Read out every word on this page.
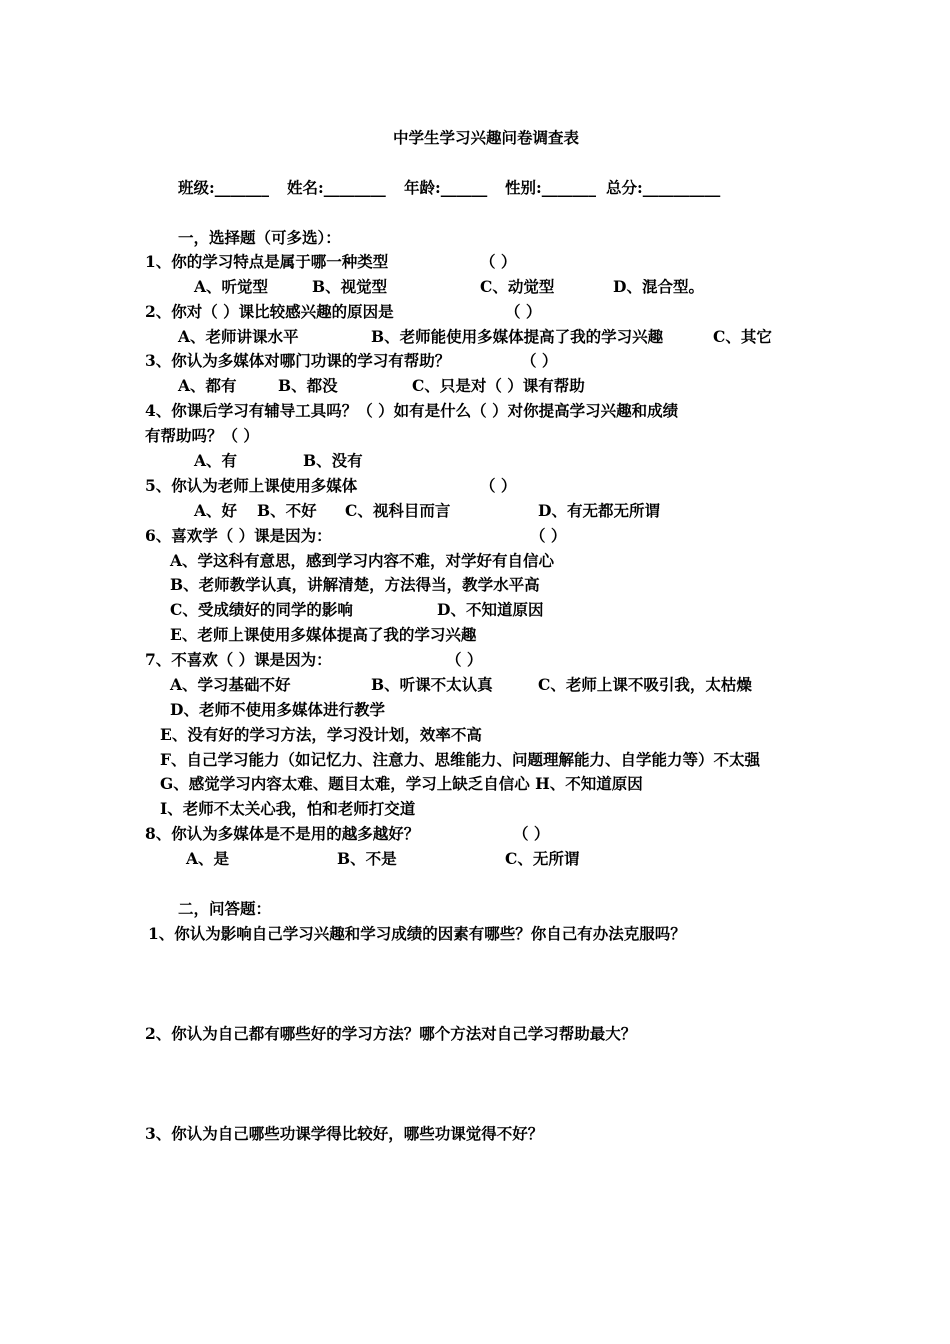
中学生学习兴趣问卷调查表

班级:_______ 姓名:________ 年龄:______ 性别:_______ 总分:__________

一，选择题（可多选）：

1、你的学习特点是属于哪一种类型	（ ）

A、听觉型	B、视觉型	C、动觉型	D、混合型。

2、你对（ ）课比较感兴趣的原因是	（ ）

A、老师讲课水平	B、老师能使用多媒体提高了我的学习兴趣	C、其它

3、你认为多媒体对哪门功课的学习有帮助？	（ ）

A、都有	B、都没	C、只是对（ ）课有帮助

4、你课后学习有辅导工具吗？（ ）如有是什么（ ）对你提高学习兴趣和成绩

有帮助吗？（ ）

A、有	B、没有

5、你认为老师上课使用多媒体	（ ）

A、好 B、不好 C、视科目而言	D、有无都无所谓

6、喜欢学（ ）课是因为：	（ ）

A、学这科有意思，感到学习内容不难，对学好有自信心

B、老师教学认真，讲解清楚，方法得当，教学水平高

C、受成绩好的同学的影响	D、不知道原因

E、老师上课使用多媒体提高了我的学习兴趣

7、不喜欢（ ）课是因为：	（ ）

A、学习基础不好	B、听课不太认真	C、老师上课不吸引我，太枯燥

D、老师不使用多媒体进行教学

E、没有好的学习方法，学习没计划，效率不高

F、自己学习能力（如记忆力、注意力、思维能力、问题理解能力、自学能力等）不太强

G、感觉学习内容太难、题目太难，学习上缺乏自信心 H、不知道原因

I、老师不太关心我，怕和老师打交道

8、你认为多媒体是不是用的越多越好？	（ ）

A、是	B、不是	C、无所谓

二，问答题：

1、你认为影响自己学习兴趣和学习成绩的因素有哪些？你自己有办法克服吗？

2、你认为自己都有哪些好的学习方法？哪个方法对自己学习帮助最大？

3、你认为自己哪些功课学得比较好，哪些功课觉得不好？
